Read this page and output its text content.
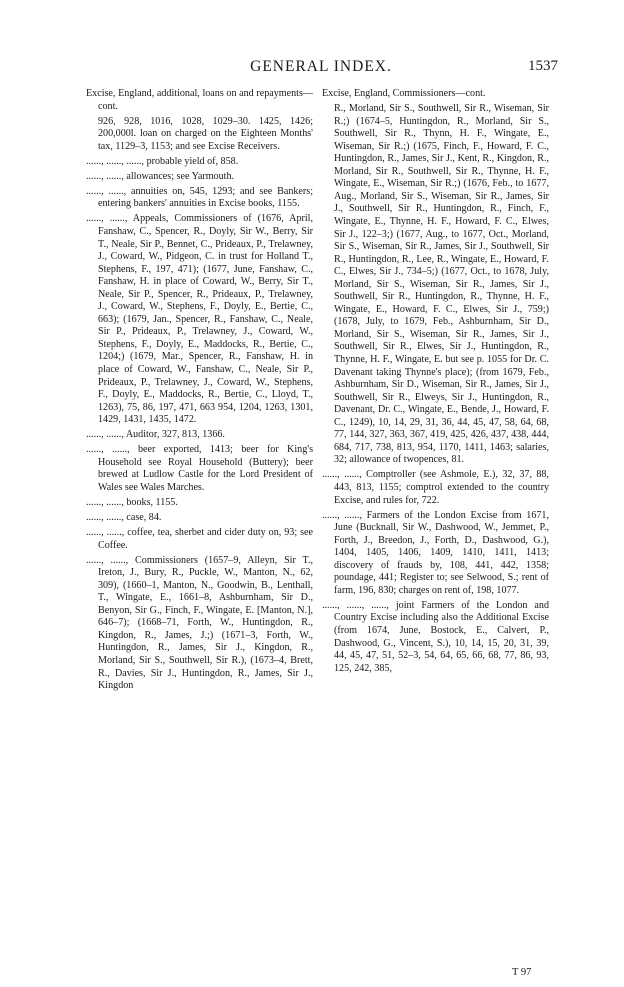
GENERAL INDEX.	1537
Excise, England, additional, loans on and repayments—cont.
926, 928, 1016, 1028, 1029–30. 1425, 1426; 200,000l. loan on charged on the Eighteen Months' tax, 1129–3, 1153; and see Excise Receivers.
......, ......, ......, probable yield of, 858.
......, ......, allowances; see Yarmouth.
......, ......, annuities on, 545, 1293; and see Bankers; entering bankers' annuities in Excise books, 1155.
......, ......, Appeals, Commissioners of (1676, April, Fanshaw, C., Spencer, R., Doyly, Sir W., Berry, Sir T., Neale, Sir P., Bennet, C., Prideaux, P., Trelawney, J., Coward, W., Pidgeon, C. in trust for Holland T., Stephens, F., 197, 471); (1677, June, Fanshaw, C., Fanshaw, H. in place of Coward, W., Berry, Sir T., Neale, Sir P., Spencer, R., Prideaux, P., Trelawney, J., Coward, W., Stephens, F., Doyly, E., Bertie, C., 663); (1679, Jan., Spencer, R., Fanshaw, C., Neale, Sir P., Prideaux, P., Trelawney, J., Coward, W., Stephens, F., Doyly, E., Maddocks, R., Bertie, C., 1204;) (1679, Mar., Spencer, R., Fanshaw, H. in place of Coward, W., Fanshaw, C., Neale, Sir P., Prideaux, P., Trelawney, J., Coward, W., Stephens, F., Doyly, E., Maddocks, R., Bertie, C., Lloyd, T., 1263), 75, 86, 197, 471, 663 954, 1204, 1263, 1301, 1429, 1431, 1435, 1472.
......, ......, Auditor, 327, 813, 1366.
......, ......, beer exported, 1413; beer for King's Household see Royal Household (Buttery); beer brewed at Ludlow Castle for the Lord President of Wales see Wales Marches.
......, ......, books, 1155.
......, ......, case, 84.
......, ......, coffee, tea, sherbet and cider duty on, 93; see Coffee.
......, ......, Commissioners (1657–9, Alleyn, Sir T., Ireton, J., Bury, R., Puckle, W., Manton, N., 62, 309), (1660–1, Manton, N., Goodwin, B., Lenthall, T., Wingate, E., 1661–8, Ashburnham, Sir D., Benyon, Sir G., Finch, F., Wingate, E. [Manton, N.], 646–7); (1668–71, Forth, W., Huntingdon, R., Kingdon, R., James, J.;) (1671–3, Forth, W., Huntingdon, R., James, Sir J., Kingdon, R., Morland, Sir S., Southwell, Sir R.), (1673–4, Brett, R., Davies, Sir J., Huntingdon, R., James, Sir J., Kingdon
Excise, England, Commissioners—cont.
R., Morland, Sir S., Southwell, Sir R., Wiseman, Sir R.;) (1674–5, Huntingdon, R., Morland, Sir S., Southwell, Sir R., Thynn, H. F., Wingate, E., Wiseman, Sir R.;) (1675, Finch, F., Howard, F. C., Huntingdon, R., James, Sir J., Kent, R., Kingdon, R., Morland, Sir R., Southwell, Sir R., Thynne, H. F., Wingate, E., Wiseman, Sir R.;) (1676, Feb., to 1677, Aug., Morland, Sir S., Wiseman, Sir R., James, Sir J., Southwell, Sir R., Huntingdon, R., Finch, F., Wingate, E., Thynne, H. F., Howard, F. C., Elwes, Sir J., 122–3;) (1677, Aug., to 1677, Oct., Morland, Sir S., Wiseman, Sir R., James, Sir J., Southwell, Sir R., Huntingdon, R., Lee, R., Wingate, E., Howard, F. C., Elwes, Sir J., 734–5;) (1677, Oct., to 1678, July, Morland, Sir S., Wiseman, Sir R., James, Sir J., Southwell, Sir R., Huntingdon, R., Thynne, H. F., Wingate, E., Howard, F. C., Elwes, Sir J., 759;) (1678, July, to 1679, Feb., Ashburnham, Sir D., Morland, Sir S., Wiseman, Sir R., James, Sir J., Southwell, Sir R., Elwes, Sir J., Huntingdon, R., Thynne, H. F., Wingate, E. but see p. 1055 for Dr. C. Davenant taking Thynne's place); (from 1679, Feb., Ashburnham, Sir D., Wiseman, Sir R., James, Sir J., Southwell, Sir R., Elweys, Sir J., Huntingdon, R., Davenant, Dr. C., Wingate, E., Bende, J., Howard, F. C., 1249), 10, 14, 29, 31, 36, 44, 45, 47, 58, 64, 68, 77, 144, 327, 363, 367, 419, 425, 426, 437, 438, 444, 684, 717, 738, 813, 954, 1170, 1411, 1463; salaries, 32; allowance of twopences, 81.
......, ......, Comptroller (see Ashmole, E.), 32, 37, 88, 443, 813, 1155; comptrol extended to the country Excise, and rules for, 722.
......, ......, Farmers of the London Excise from 1671, June (Bucknall, Sir W., Dashwood, W., Jemmet, P., Forth, J., Breedon, J., Forth, D., Dashwood, G.), 1404, 1405, 1406, 1409, 1410, 1411, 1413; discovery of frauds by, 108, 441, 442, 1358; poundage, 441; Register to; see Selwood, S.; rent of farm, 196, 830; charges on rent of, 198, 1077.
......, ......, ......, joint Farmers of the London and Country Excise including also the Additional Excise (from 1674, June, Bostock, E., Calvert, P., Dashwood, G., Vincent, S.), 10, 14, 15, 20, 31, 39, 44, 45, 47, 51, 52–3, 54, 64, 65, 66, 68, 77, 86, 93, 125, 242, 385,
T 97
